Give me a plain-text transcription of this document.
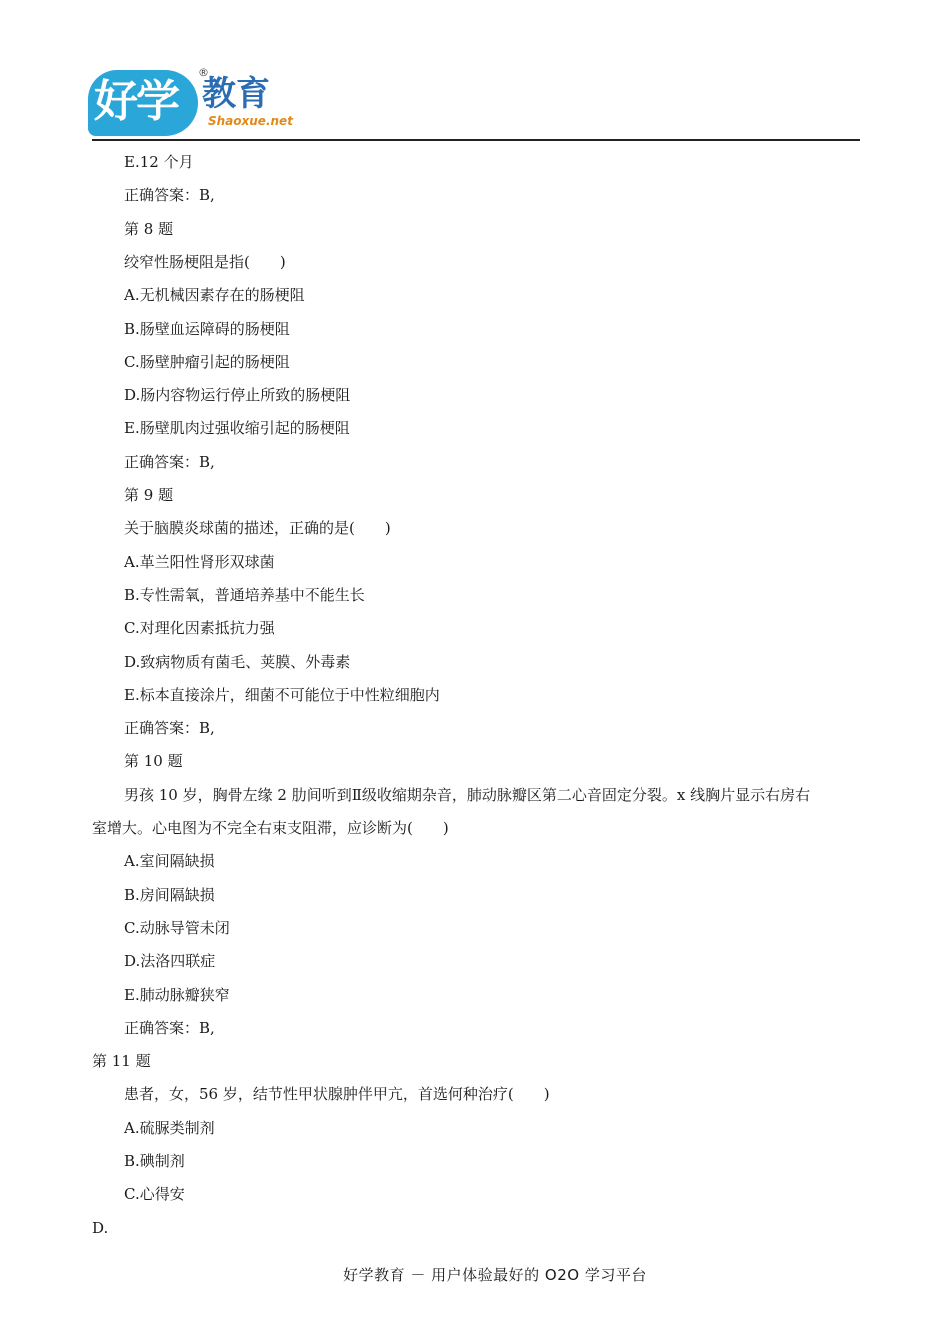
好学
®
教育
Shaoxue.net
E.12 个月
正确答案：B,
第 8 题
绞窄性肠梗阻是指(　　)
A.无机械因素存在的肠梗阻
B.肠壁血运障碍的肠梗阻
C.肠壁肿瘤引起的肠梗阻
D.肠内容物运行停止所致的肠梗阻
E.肠壁肌肉过强收缩引起的肠梗阻
正确答案：B,
第 9 题
关于脑膜炎球菌的描述，正确的是(　　)
A.革兰阳性肾形双球菌
B.专性需氧，普通培养基中不能生长
C.对理化因素抵抗力强
D.致病物质有菌毛、荚膜、外毒素
E.标本直接涂片，细菌不可能位于中性粒细胞内
正确答案：B,
第 10 题
男孩 10 岁，胸骨左缘 2 肋间听到Ⅱ级收缩期杂音，肺动脉瓣区第二心音固定分裂。x 线胸片显示右房右
室增大。心电图为不完全右束支阻滞，应诊断为(　　)
A.室间隔缺损
B.房间隔缺损
C.动脉导管未闭
D.法洛四联症
E.肺动脉瓣狭窄
正确答案：B,
第 11 题
患者，女，56 岁，结节性甲状腺肿伴甲亢，首选何种治疗(　　)
A.硫脲类制剂
B.碘制剂
C.心得安
D.
好学教育 － 用户体验最好的 O2O 学习平台
